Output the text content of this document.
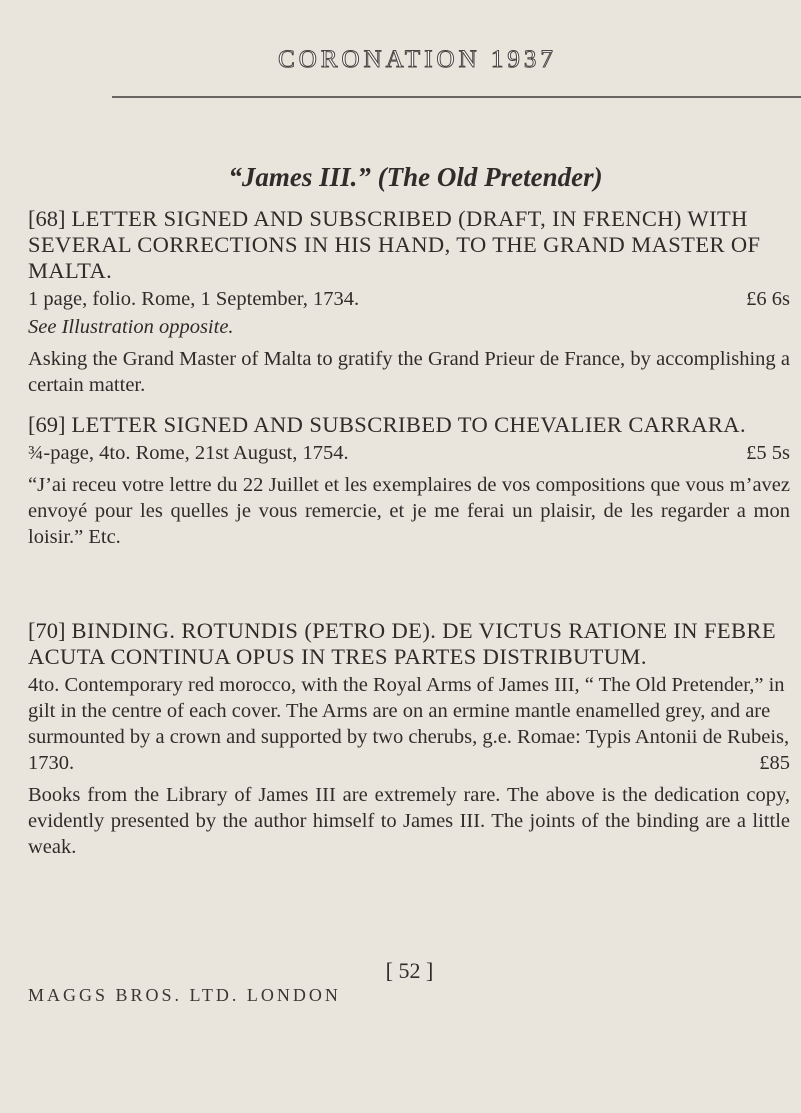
CORONATION 1937
“James III.” (The Old Pretender)
[68] LETTER SIGNED AND SUBSCRIBED (DRAFT, IN FRENCH) WITH SEVERAL CORRECTIONS IN HIS HAND, TO THE GRAND MASTER OF MALTA.
1 page, folio. Rome, 1 September, 1734.	£6 6s
See Illustration opposite.

Asking the Grand Master of Malta to gratify the Grand Prieur de France, by accomplishing a certain matter.

[69] LETTER SIGNED AND SUBSCRIBED TO CHEVALIER CARRARA.
¾-page, 4to. Rome, 21st August, 1754.	£5 5s

“J’ai receu votre lettre du 22 Juillet et les exemplaires de vos compositions que vous m’avez envoyé pour les quelles je vous remercie, et je me ferai un plaisir, de les regarder a mon loisir.” Etc.

[70] BINDING. ROTUNDIS (PETRO DE). DE VICTUS RATIONE IN FEBRE ACUTA CONTINUA OPUS IN TRES PARTES DISTRIBUTUM.
4to. Contemporary red morocco, with the Royal Arms of James III, “ The Old Pretender,” in gilt in the centre of each cover. The Arms are on an ermine mantle enamelled grey, and are surmounted by a crown and supported by two cherubs, g.e. Romae: Typis Antonii de Rubeis, 1730.	£85

Books from the Library of James III are extremely rare. The above is the dedication copy, evidently presented by the author himself to James III. The joints of the binding are a little weak.

[ 52 ]
MAGGS BROS. LTD. LONDON
